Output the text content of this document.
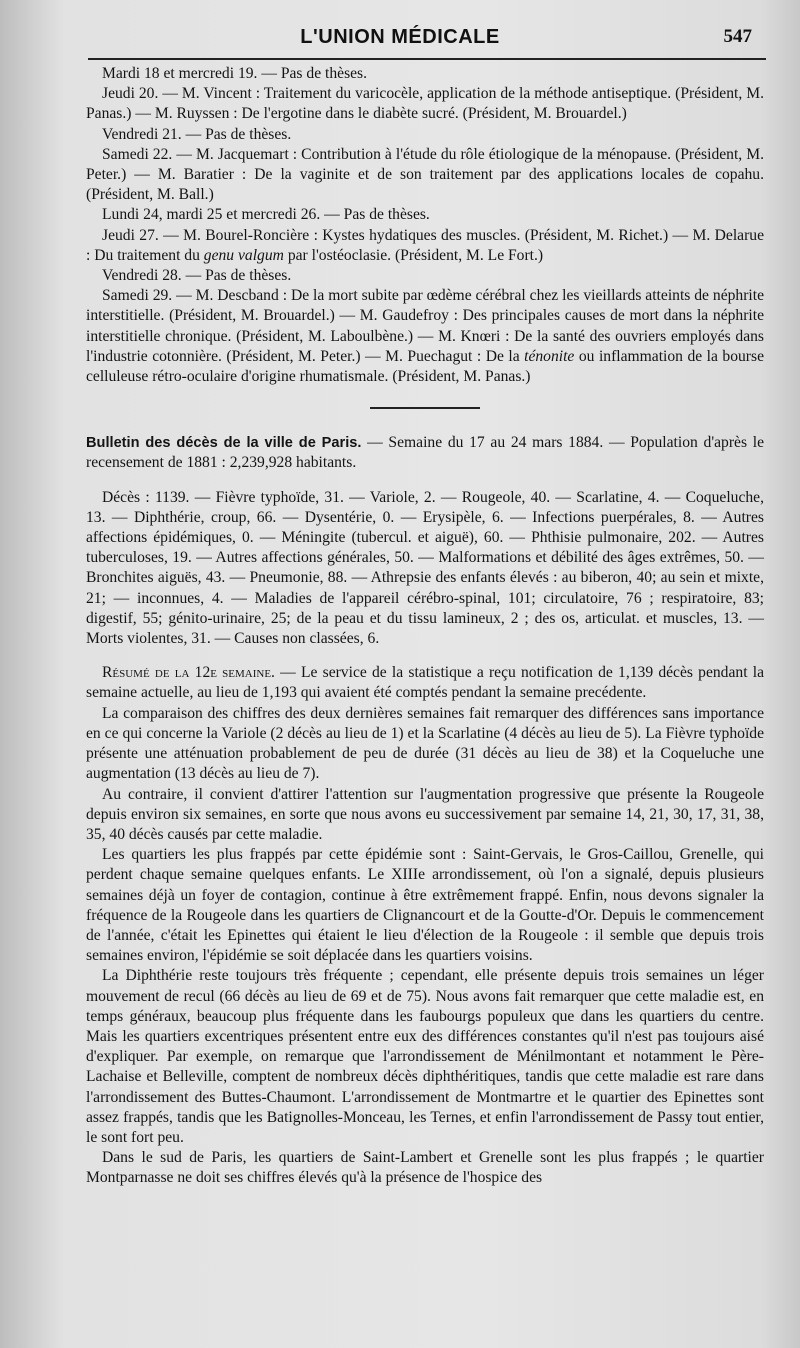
L'UNION MÉDICALE	547

Mardi 18 et mercredi 19. — Pas de thèses.

Jeudi 20. — M. Vincent : Traitement du varicocèle, application de la méthode antiseptique. (Président, M. Panas.) — M. Ruyssen : De l'ergotine dans le diabète sucré. (Président, M. Brouardel.)

Vendredi 21. — Pas de thèses.

Samedi 22. — M. Jacquemart : Contribution à l'étude du rôle étiologique de la ménopause. (Président, M. Peter.) — M. Baratier : De la vaginite et de son traitement par des applications locales de copahu. (Président, M. Ball.)

Lundi 24, mardi 25 et mercredi 26. — Pas de thèses.

Jeudi 27. — M. Bourel-Roncière : Kystes hydatiques des muscles. (Président, M. Richet.) — M. Delarue : Du traitement du genu valgum par l'ostéoclasie. (Président, M. Le Fort.)

Vendredi 28. — Pas de thèses.

Samedi 29. — M. Descband : De la mort subite par œdème cérébral chez les vieillards atteints de néphrite interstitielle. (Président, M. Brouardel.) — M. Gaudefroy : Des principales causes de mort dans la néphrite interstitielle chronique. (Président, M. Laboulbène.) — M. Knœri : De la santé des ouvriers employés dans l'industrie cotonnière. (Président, M. Peter.) — M. Puechagut : De la ténonite ou inflammation de la bourse celluleuse rétro-oculaire d'origine rhumatismale. (Président, M. Panas.)

Bulletin des décès de la ville de Paris. — Semaine du 17 au 24 mars 1884. — Population d'après le recensement de 1881 : 2,239,928 habitants.

Décès : 1139. — Fièvre typhoïde, 31. — Variole, 2. — Rougeole, 40. — Scarlatine, 4. — Coqueluche, 13. — Diphthérie, croup, 66. — Dysentérie, 0. — Erysipèle, 6. — Infections puerpérales, 8. — Autres affections épidémiques, 0. — Méningite (tubercul. et aiguë), 60. — Phthisie pulmonaire, 202. — Autres tuberculoses, 19. — Autres affections générales, 50. — Malformations et débilité des âges extrêmes, 50. — Bronchites aiguës, 43. — Pneumonie, 88. — Athrepsie des enfants élevés : au biberon, 40; au sein et mixte, 21; — inconnues, 4. — Maladies de l'appareil cérébro-spinal, 101; circulatoire, 76 ; respiratoire, 83; digestif, 55; génito-urinaire, 25; de la peau et du tissu lamineux, 2 ; des os, articulat. et muscles, 13. — Morts violentes, 31. — Causes non classées, 6.

Résumé de la 12e semaine. — Le service de la statistique a reçu notification de 1,139 décès pendant la semaine actuelle, au lieu de 1,193 qui avaient été comptés pendant la semaine precédente.

La comparaison des chiffres des deux dernières semaines fait remarquer des différences sans importance en ce qui concerne la Variole (2 décès au lieu de 1) et la Scarlatine (4 décès au lieu de 5). La Fièvre typhoïde présente une atténuation probablement de peu de durée (31 décès au lieu de 38) et la Coqueluche une augmentation (13 décès au lieu de 7).

Au contraire, il convient d'attirer l'attention sur l'augmentation progressive que présente la Rougeole depuis environ six semaines, en sorte que nous avons eu successivement par semaine 14, 21, 30, 17, 31, 38, 35, 40 décès causés par cette maladie.

Les quartiers les plus frappés par cette épidémie sont : Saint-Gervais, le Gros-Caillou, Grenelle, qui perdent chaque semaine quelques enfants. Le XIIIe arrondissement, où l'on a signalé, depuis plusieurs semaines déjà un foyer de contagion, continue à être extrêmement frappé. Enfin, nous devons signaler la fréquence de la Rougeole dans les quartiers de Clignancourt et de la Goutte-d'Or. Depuis le commencement de l'année, c'était les Epinettes qui étaient le lieu d'élection de la Rougeole : il semble que depuis trois semaines environ, l'épidémie se soit déplacée dans les quartiers voisins.

La Diphthérie reste toujours très fréquente ; cependant, elle présente depuis trois semaines un léger mouvement de recul (66 décès au lieu de 69 et de 75). Nous avons fait remarquer que cette maladie est, en temps généraux, beaucoup plus fréquente dans les faubourgs populeux que dans les quartiers du centre. Mais les quartiers excentriques présentent entre eux des différences constantes qu'il n'est pas toujours aisé d'expliquer. Par exemple, on remarque que l'arrondissement de Ménilmontant et notamment le Père-Lachaise et Belleville, comptent de nombreux décès diphthéritiques, tandis que cette maladie est rare dans l'arrondissement des Buttes-Chaumont. L'arrondissement de Montmartre et le quartier des Epinettes sont assez frappés, tandis que les Batignolles-Monceau, les Ternes, et enfin l'arrondissement de Passy tout entier, le sont fort peu.

Dans le sud de Paris, les quartiers de Saint-Lambert et Grenelle sont les plus frappés ; le quartier Montparnasse ne doit ses chiffres élevés qu'à la présence de l'hospice des
